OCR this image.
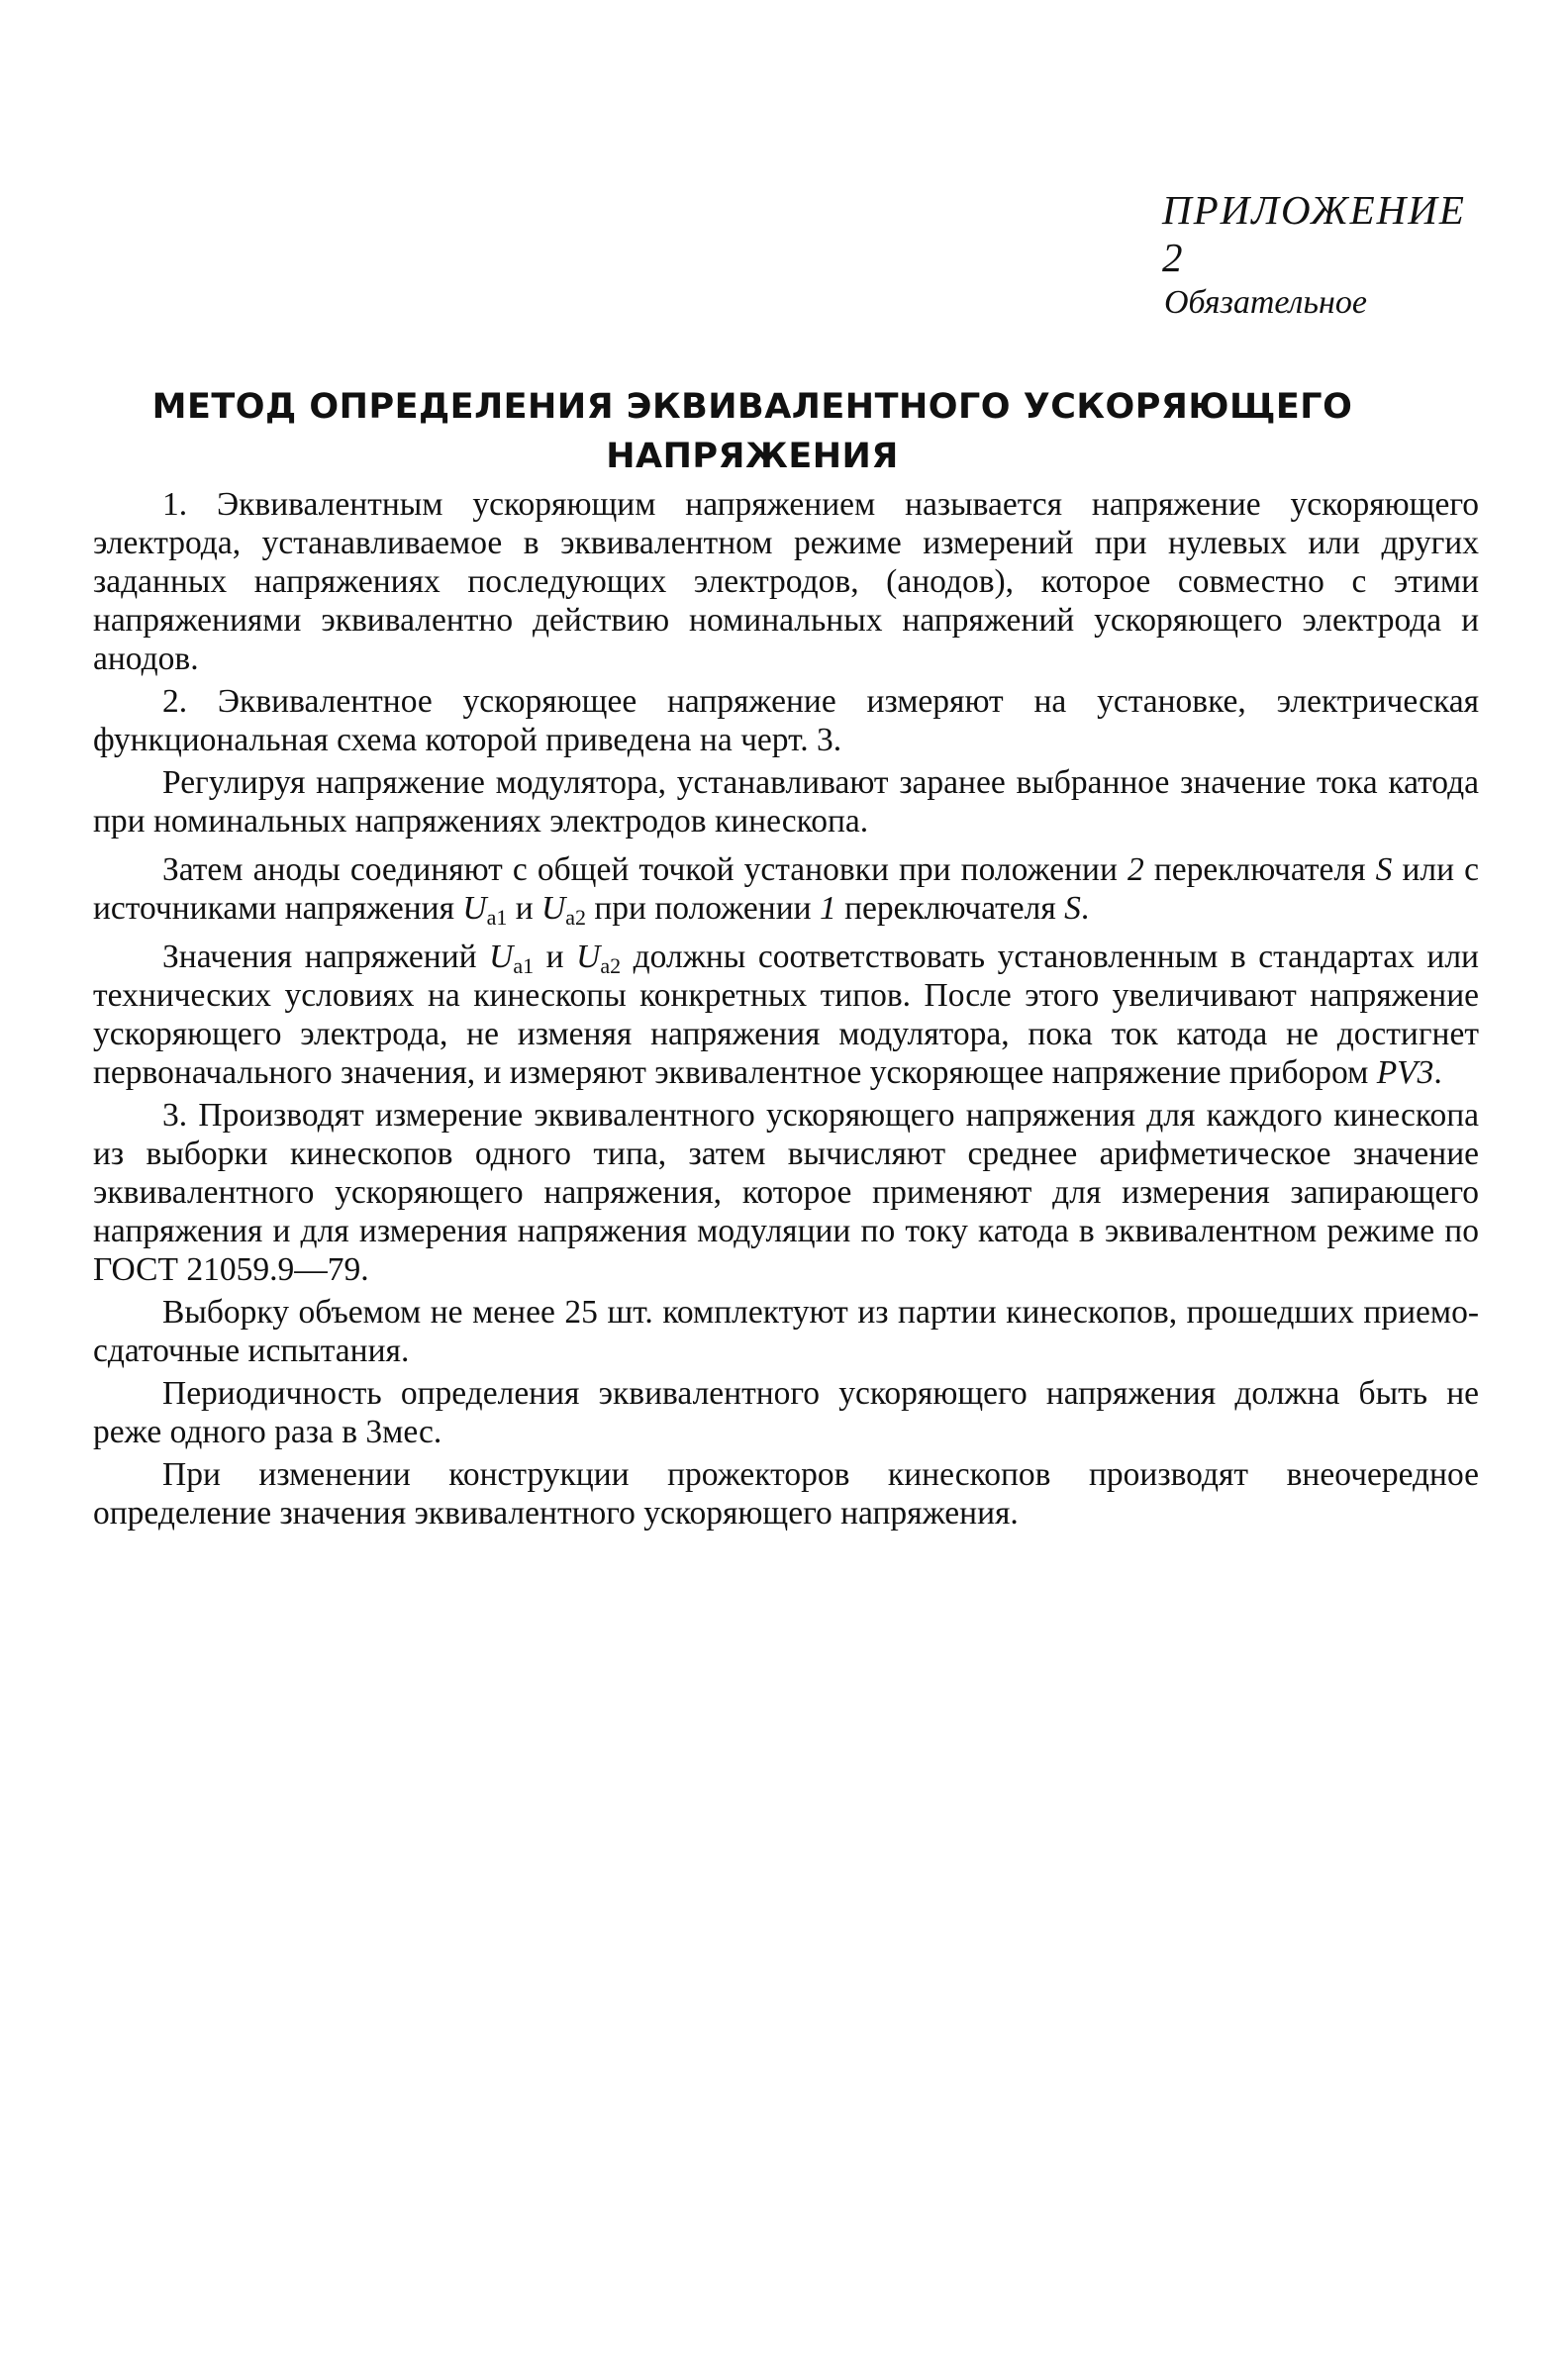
ПРИЛОЖЕНИЕ 2
Обязательное
МЕТОД ОПРЕДЕЛЕНИЯ ЭКВИВАЛЕНТНОГО УСКОРЯЮЩЕГО
НАПРЯЖЕНИЯ

1. Эквивалентным ускоряющим напряжением называется напряжение ускоряющего электрода, устанавливаемое в эквивалентном режиме измерений при нулевых или других заданных напряжениях последующих электродов, (анодов), которое совместно с этими напряжениями эквивалентно действию номинальных напряжений ускоряющего электрода и анодов.

2. Эквивалентное ускоряющее напряжение измеряют на установке, электрическая функциональная схема которой приведена на черт. 3.

Регулируя напряжение модулятора, устанавливают заранее выбранное значение тока катода при номинальных напряжениях электродов кинескопа.

Затем аноды соединяют с общей точкой установки при положении 2 переключателя S или с источниками напряжения $U_{а1}$ и $U_{а2}$ при положении 1 переключателя S.

Значения напряжений $U_{а1}$ и $U_{а2}$ должны соответствовать установленным в стандартах или технических условиях на кинескопы конкретных типов. После этого увеличивают напряжение ускоряющего электрода, не изменяя напряжения модулятора, пока ток катода не достигнет первоначального значения, и измеряют эквивалентное ускоряющее напряжение прибором PV3.

3. Производят измерение эквивалентного ускоряющего напряжения для каждого кинескопа из выборки кинескопов одного типа, затем вычисляют среднее арифметическое значение эквивалентного ускоряющего напряжения, которое применяют для измерения запирающего напряжения и для измерения напряжения модуляции по току катода в эквивалентном режиме по ГОСТ 21059.9—79.

Выборку объемом не менее 25 шт. комплектуют из партии кинескопов, прошедших приемо-сдаточные испытания.

Периодичность определения эквивалентного ускоряющего напряжения должна быть не реже одного раза в 3мес.

При изменении конструкции прожекторов кинескопов производят внеочередное определение значения эквивалентного ускоряющего напряжения.
